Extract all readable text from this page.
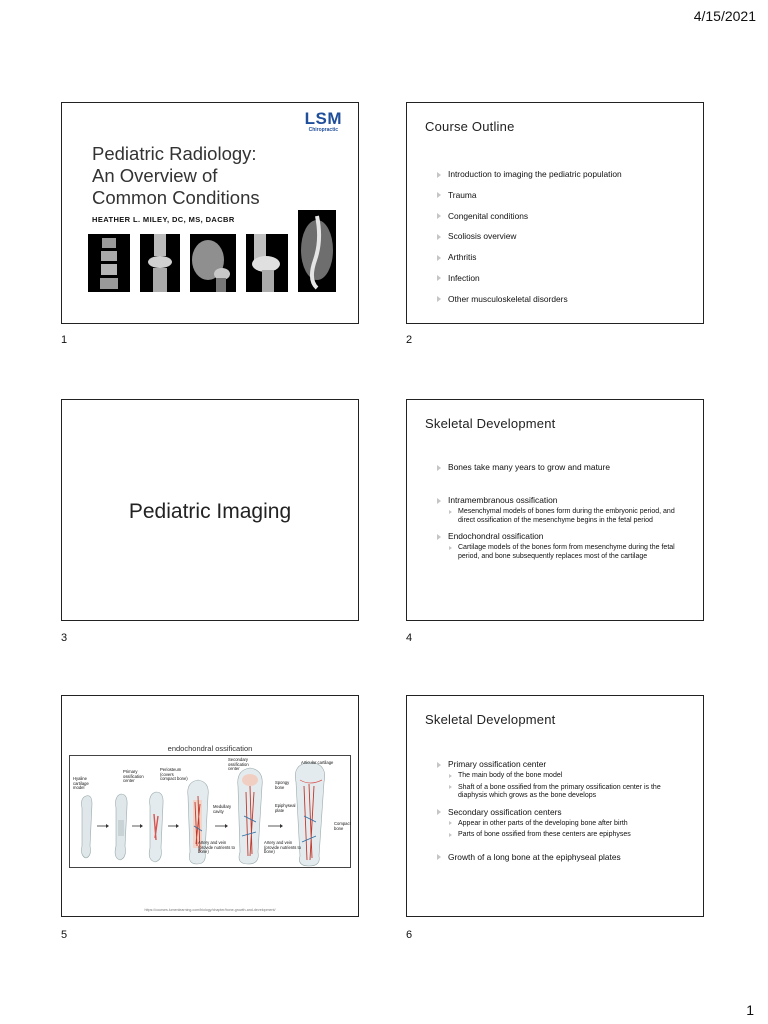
4/15/2021
LSM
Chiropractic
Pediatric Radiology:
An Overview of
Common Conditions
HEATHER L. MILEY, DC, MS, DACBR
1
Course Outline
Introduction to imaging the pediatric population
Trauma
Congenital conditions
Scoliosis overview
Arthritis
Infection
Other musculoskeletal disorders
2
Pediatric Imaging
3
Skeletal Development
Bones take many years to grow and mature
Intramembranous ossification
Mesenchymal models of bones form during the embryonic period, and direct ossification of the mesenchyme begins in the fetal period
Endochondral ossification
Cartilage models of the bones form from mesenchyme during the fetal period, and bone subsequently replaces most of the cartilage
4
endochondral ossification
Hyaline cartilage model
Primary ossification center
Periosteum (covers compact bone)
Secondary ossification center
Articular cartilage
Medullary cavity
Spongy bone
Epiphyseal plate
Compact bone
Artery and vein (provide nutrients to bone)
Artery and vein (provide nutrients to bone)
https://courses.lumenlearning.com/biology/chapter/bone-growth-and-development/
5
Skeletal Development
Primary ossification center
The main body of the bone model
Shaft of a bone ossified from the primary ossification center is the diaphysis which grows as the bone develops
Secondary ossification centers
Appear in other parts of the developing bone after birth
Parts of bone ossified from these centers are epiphyses
Growth of a long bone at the epiphyseal plates
6
1
